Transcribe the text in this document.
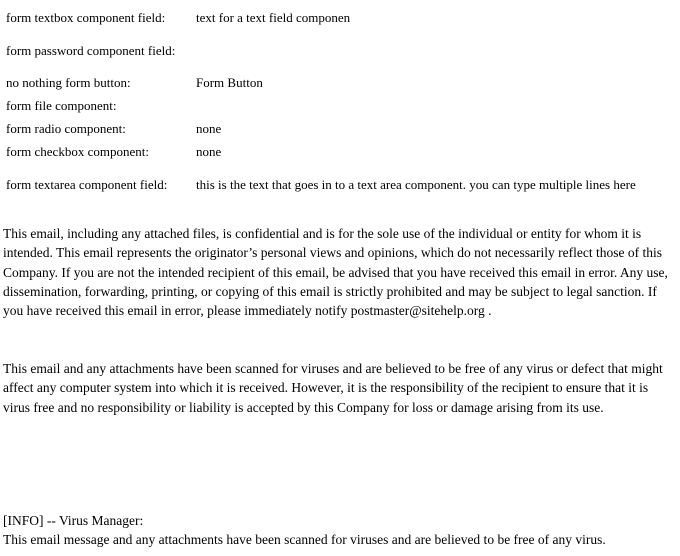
form textbox component field:	text for a text field componen
form password component field:	
no nothing form button:	Form Button
form file component:	
form radio component:	none
form checkbox component:	none
form textarea component field:	this is the text that goes in to a text area component. you can type multiple lines here

This email, including any attached files, is confidential and is for the sole use of the individual or entity for whom it is intended. This email represents the originator’s personal views and opinions, which do not necessarily reflect those of this Company. If you are not the intended recipient of this email, be advised that you have received this email in error. Any use, dissemination, forwarding, printing, or copying of this email is strictly prohibited and may be subject to legal sanction. If you have received this email in error, please immediately notify postmaster@sitehelp.org .

This email and any attachments have been scanned for viruses and are believed to be free of any virus or defect that might affect any computer system into which it is received. However, it is the responsibility of the recipient to ensure that it is virus free and no responsibility or liability is accepted by this Company for loss or damage arising from its use.

[INFO] -- Virus Manager:
This email message and any attachments have been scanned for viruses and are believed to be free of any virus.
